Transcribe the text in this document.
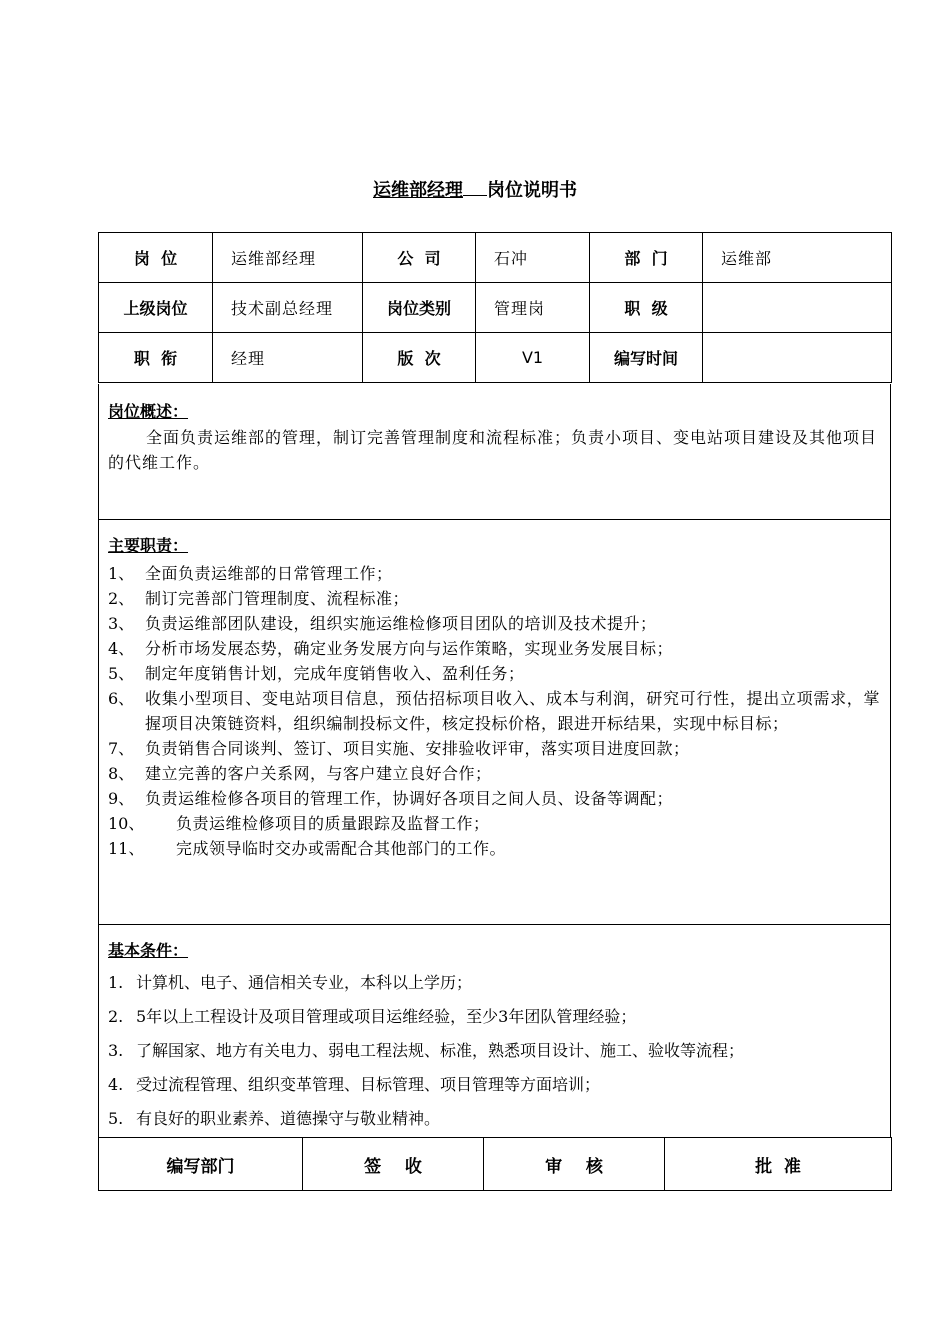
运维部经理 岗位说明书
岗  位	运维部经理	公  司	石冲	部  门	运维部
上级岗位	技术副总经理	岗位类别	管理岗	职  级	
职  衔	经理	版  次	V1	编写时间	
岗位概述：
全面负责运维部的管理，制订完善管理制度和流程标准；负责小项目、变电站项目建设及其他项目的代维工作。
主要职责：
1、 全面负责运维部的日常管理工作；
2、 制订完善部门管理制度、流程标准；
3、 负责运维部团队建设，组织实施运维检修项目团队的培训及技术提升；
4、 分析市场发展态势，确定业务发展方向与运作策略，实现业务发展目标；
5、 制定年度销售计划，完成年度销售收入、盈利任务；
6、 收集小型项目、变电站项目信息，预估招标项目收入、成本与利润，研究可行性，提出立项需求，掌握项目决策链资料，组织编制投标文件，核定投标价格，跟进开标结果，实现中标目标；
7、 负责销售合同谈判、签订、项目实施、安排验收评审，落实项目进度回款；
8、 建立完善的客户关系网，与客户建立良好合作；
9、 负责运维检修各项目的管理工作，协调好各项目之间人员、设备等调配；
10、	负责运维检修项目的质量跟踪及监督工作；
11、	完成领导临时交办或需配合其他部门的工作。
基本条件：
1. 计算机、电子、通信相关专业，本科以上学历；
2. 5年以上工程设计及项目管理或项目运维经验，至少3年团队管理经验；
3. 了解国家、地方有关电力、弱电工程法规、标准，熟悉项目设计、施工、验收等流程；
4. 受过流程管理、组织变革管理、目标管理、项目管理等方面培训；
5. 有良好的职业素养、道德操守与敬业精神。
编写部门	签    收	审    核	批  准
